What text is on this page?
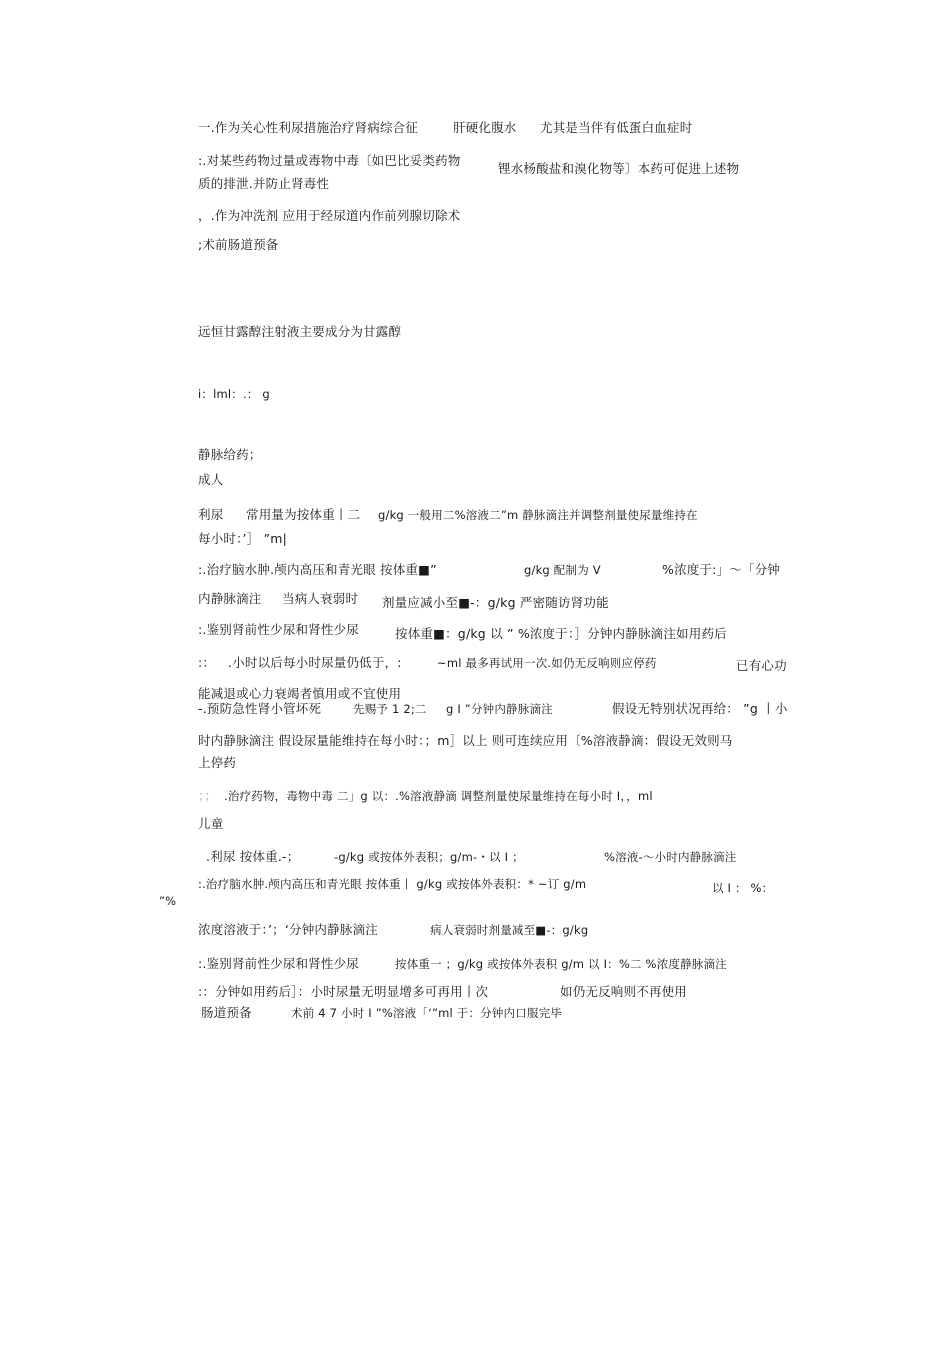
一.作为关心性利尿措施治疗肾病综合征	肝硬化腹水 尤其是当伴有低蛋白血症时
:.对某些药物过量或毒物中毒〔如巴比妥类药物
锂水杨酸盐和溴化物等〕本药可促进上述物
质的排泄.并防止肾毒性
，.作为冲洗剂 应用于经尿道内作前列腺切除术
;术前肠道预备
远恒甘露醇注射液主要成分为甘露醇
i：lml：.： g
静脉给药；
成人
利尿 常用量为按体重丨二 g/kg 一般用二%溶液二”m 静脉滴注并调整剂量使尿量维持在
每小时：’］ ”m|
:.治疗脑水肿.颅内高压和青光眼 按体重■”	g/kg 配制为 V	%浓度于:」～「分钟
内静脉滴注 当病人衰弱时 剂量应减小至■-：g/kg 严密随访肾功能
:.鉴别肾前性少尿和肾性少尿	按体重■：g/kg 以 ” %浓度于：］分钟内静脉滴注如用药后
:： .小时以后每小时尿量仍低于，:	~ml 最多再试用一次.如仍无反响则应停药	已有心功
能减退或心力衰竭者慎用或不宜使用
-.预防急性肾小管坏死	先赐予 1 2;二 g I ”分钟内静脉滴注	假设无特别状况再给： ”g 丨小
时内静脉滴注 假设尿量能维持在每小时：；m］以上 则可连续应用〔%溶液静滴：假设无效则马
上停药
；； .治疗药物，毒物中毒 二」g 以：.%溶液静滴 调整剂量使尿量维持在每小时 I，，ml
儿童
.利尿 按体重.-；	-g/kg 或按体外表积；g/m-・以 I ；	%溶液-～小时内静脉滴注
:.治疗脑水肿.颅内高压和青光眼 按体重丨 g/kg 或按体外表积：* ~订 g/m	以 I ： %：
”%
浓度溶液于：’；‘分钟内静脉滴注	病人衰弱时剂量减至■-：g/kg
:.鉴别肾前性少尿和肾性少尿	按体重一 ；g/kg 或按体外表积 g/m 以 I：%二 %浓度静脉滴注
:：分钟如用药后］：小时尿量无明显增多可再用丨次	如仍无反响则不再使用
肠道预备	术前 4 7 小时 I ”%溶液「‘”ml 于：分钟内口服完毕
